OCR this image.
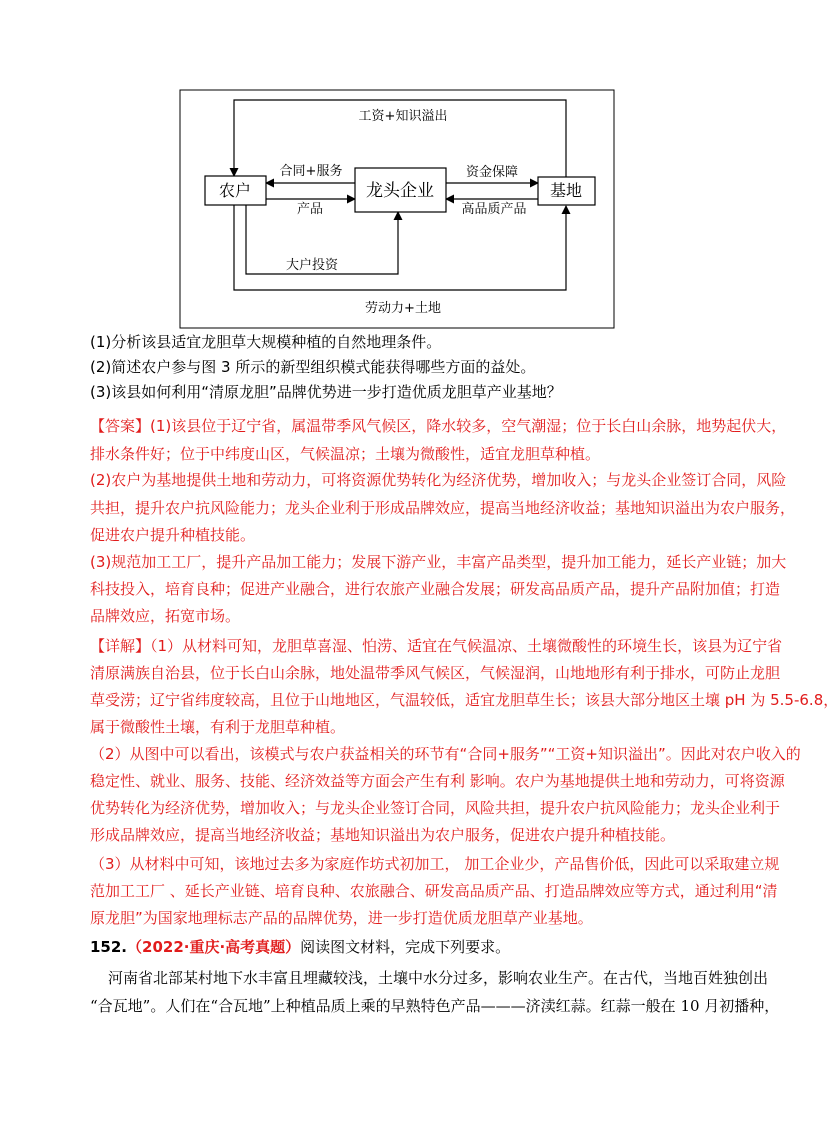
工资+知识溢出
劳动力+土地
大户投资
合同+服务
产品
资金保障
高品质产品
农户	龙头企业	基地
(1)分析该县适宜龙胆草大规模种植的自然地理条件。
(2)简述农户参与图 3 所示的新型组织模式能获得哪些方面的益处。
(3)该县如何利用“清原龙胆”品牌优势进一步打造优质龙胆草产业基地？
【答案】(1)该县位于辽宁省，属温带季风气候区，降水较多，空气潮湿；位于长白山余脉，地势起伏大，
排水条件好；位于中纬度山区，气候温凉；土壤为微酸性，适宜龙胆草种植。
(2)农户为基地提供土地和劳动力，可将资源优势转化为经济优势，增加收入；与龙头企业签订合同，风险
共担，提升农户抗风险能力；龙头企业利于形成品牌效应，提高当地经济收益；基地知识溢出为农户服务，
促进农户提升种植技能。
(3)规范加工工厂，提升产品加工能力；发展下游产业，丰富产品类型，提升加工能力，延长产业链；加大
科技投入，培育良种；促进产业融合，进行农旅产业融合发展；研发高品质产品，提升产品附加值；打造
品牌效应，拓宽市场。
【详解】（1）从材料可知，龙胆草喜湿、怕涝、适宜在气候温凉、土壤微酸性的环境生长，该县为辽宁省
清原满族自治县，位于长白山余脉，地处温带季风气候区，气候湿润，山地地形有利于排水，可防止龙胆
草受涝；辽宁省纬度较高，且位于山地地区，气温较低，适宜龙胆草生长；该县大部分地区土壤 pH 为 5.5-6.8，
属于微酸性土壤，有利于龙胆草种植。
（2）从图中可以看出，该模式与农户获益相关的环节有“合同+服务”“工资+知识溢出”。因此对农户收入的
稳定性、就业、服务、技能、经济效益等方面会产生有利 影响。农户为基地提供土地和劳动力，可将资源
优势转化为经济优势，增加收入；与龙头企业签订合同，风险共担，提升农户抗风险能力；龙头企业利于
形成品牌效应，提高当地经济收益；基地知识溢出为农户服务，促进农户提升种植技能。
（3）从材料中可知，该地过去多为家庭作坊式初加工， 加工企业少，产品售价低，因此可以采取建立规
范加工工厂 、延长产业链、培育良种、农旅融合、研发高品质产品、打造品牌效应等方式，通过利用“清
原龙胆”为国家地理标志产品的品牌优势，进一步打造优质龙胆草产业基地。
152.（2022·重庆·高考真题）阅读图文材料，完成下列要求。
河南省北部某村地下水丰富且埋藏较浅，土壤中水分过多，影响农业生产。在古代，当地百姓独创出
“合瓦地”。人们在“合瓦地”上种植品质上乘的早熟特色产品———济渎红蒜。红蒜一般在 10 月初播种，
